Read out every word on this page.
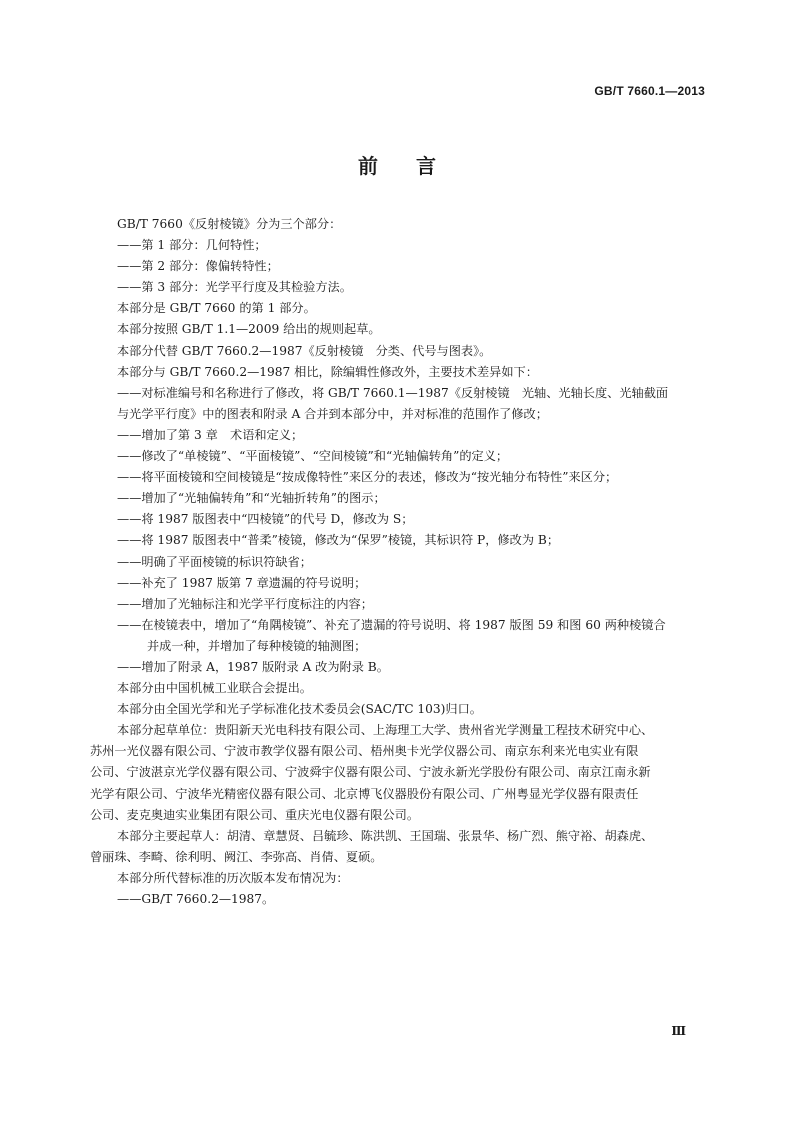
GB/T 7660.1—2013
前 言
GB/T 7660《反射棱镜》分为三个部分：
——第 1 部分：几何特性；
——第 2 部分：像偏转特性；
——第 3 部分：光学平行度及其检验方法。
本部分是 GB/T 7660 的第 1 部分。
本部分按照 GB/T 1.1—2009 给出的规则起草。
本部分代替 GB/T 7660.2—1987《反射棱镜　分类、代号与图表》。
本部分与 GB/T 7660.2—1987 相比，除编辑性修改外，主要技术差异如下：
——对标准编号和名称进行了修改，将 GB/T 7660.1—1987《反射棱镜　光轴、光轴长度、光轴截面
与光学平行度》中的图表和附录 A 合并到本部分中，并对标准的范围作了修改；
——增加了第 3 章　术语和定义；
——修改了“单棱镜”、“平面棱镜”、“空间棱镜”和“光轴偏转角”的定义；
——将平面棱镜和空间棱镜是“按成像特性”来区分的表述，修改为“按光轴分布特性”来区分；
——增加了“光轴偏转角”和“光轴折转角”的图示；
——将 1987 版图表中“四棱镜”的代号 D，修改为 S；
——将 1987 版图表中“普柔”棱镜，修改为“保罗”棱镜，其标识符 P，修改为 B；
——明确了平面棱镜的标识符缺省；
——补充了 1987 版第 7 章遗漏的符号说明；
——增加了光轴标注和光学平行度标注的内容；
——在棱镜表中，增加了“角隅棱镜”、补充了遗漏的符号说明、将 1987 版图 59 和图 60 两种棱镜合
并成一种，并增加了每种棱镜的轴测图；
——增加了附录 A，1987 版附录 A 改为附录 B。
本部分由中国机械工业联合会提出。
本部分由全国光学和光子学标准化技术委员会(SAC/TC 103)归口。
本部分起草单位：贵阳新天光电科技有限公司、上海理工大学、贵州省光学测量工程技术研究中心、
苏州一光仪器有限公司、宁波市教学仪器有限公司、梧州奥卡光学仪器公司、南京东利来光电实业有限
公司、宁波湛京光学仪器有限公司、宁波舜宇仪器有限公司、宁波永新光学股份有限公司、南京江南永新
光学有限公司、宁波华光精密仪器有限公司、北京博飞仪器股份有限公司、广州粤显光学仪器有限责任
公司、麦克奥迪实业集团有限公司、重庆光电仪器有限公司。
本部分主要起草人：胡清、章慧贤、吕毓珍、陈洪凯、王国瑞、张景华、杨广烈、熊守裕、胡森虎、
曾丽珠、李畸、徐利明、阙江、李弥高、肖倩、夏硕。
本部分所代替标准的历次版本发布情况为：
——GB/T 7660.2—1987。
Ⅲ
